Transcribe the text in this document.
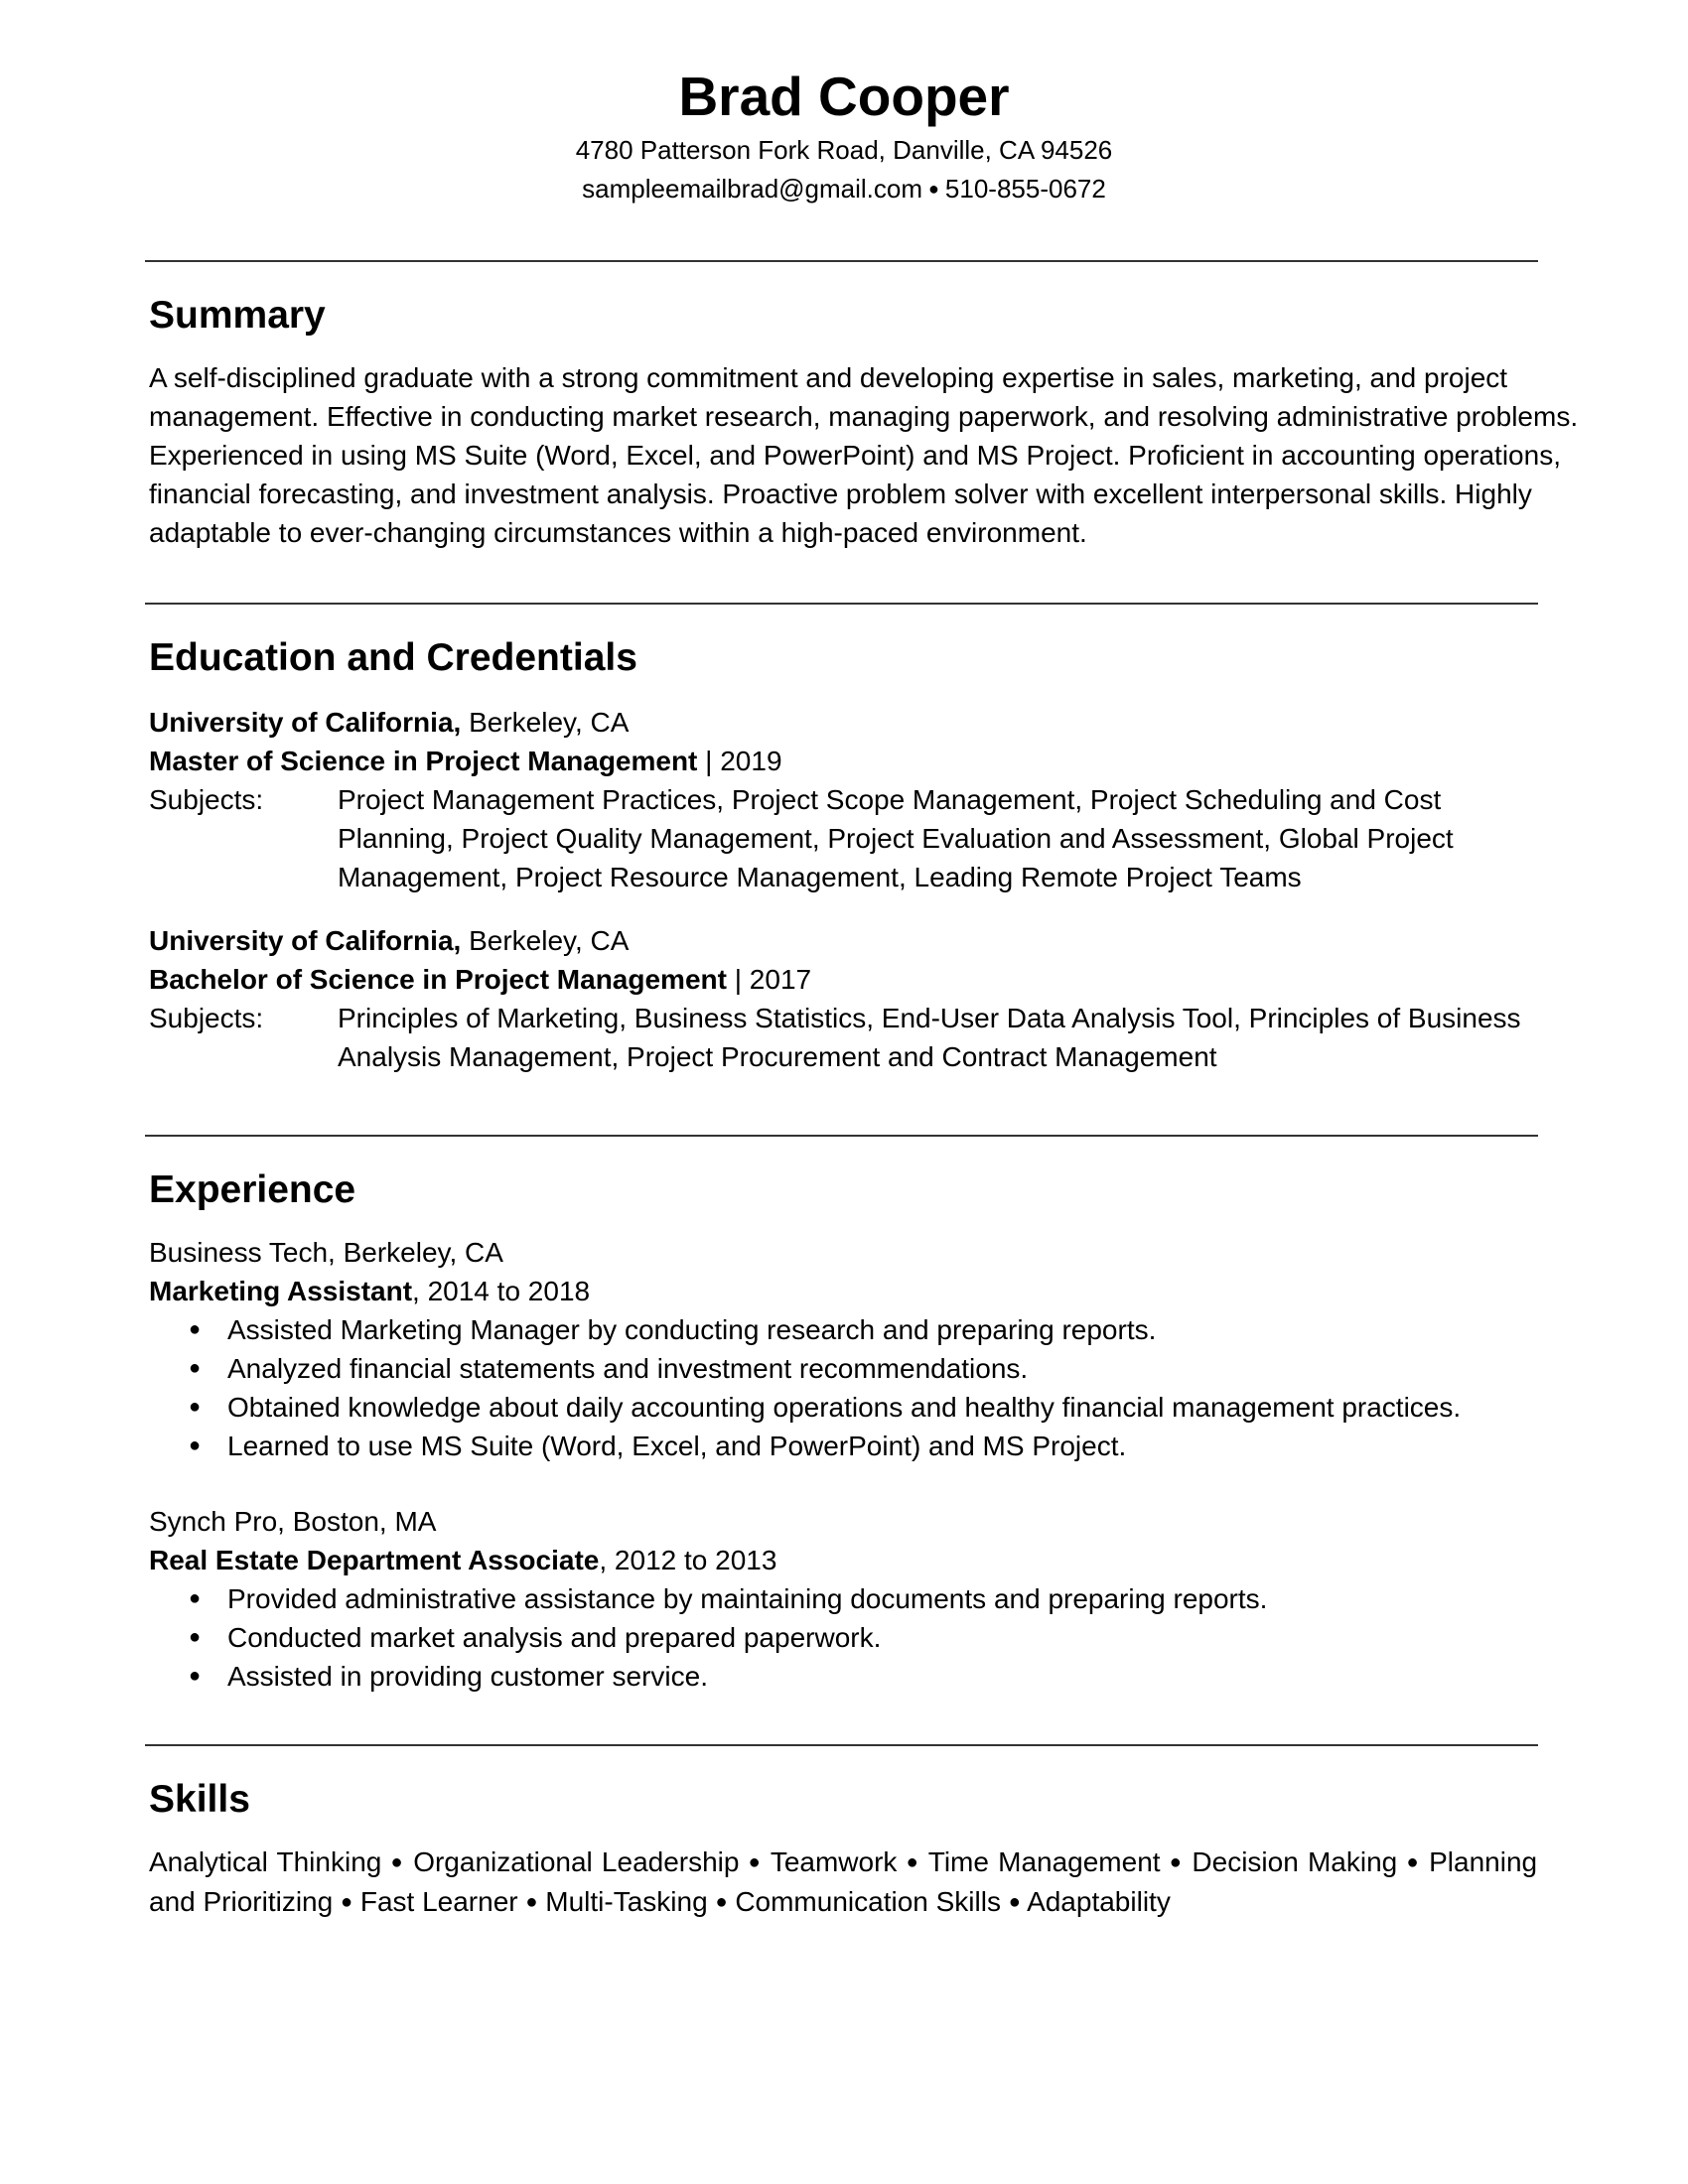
Brad Cooper
4780 Patterson Fork Road, Danville, CA 94526
sampleemailbrad@gmail.com ● 510-855-0672
Summary

A self-disciplined graduate with a strong commitment and developing expertise in sales, marketing, and project management. Effective in conducting market research, managing paperwork, and resolving administrative problems. Experienced in using MS Suite (Word, Excel, and PowerPoint) and MS Project. Proficient in accounting operations, financial forecasting, and investment analysis. Proactive problem solver with excellent interpersonal skills. Highly adaptable to ever-changing circumstances within a high-paced environment.

Education and Credentials
University of California, Berkeley, CA
Master of Science in Project Management | 2019
Subjects:	Project Management Practices, Project Scope Management, Project Scheduling and Cost Planning, Project Quality Management, Project Evaluation and Assessment, Global Project Management, Project Resource Management, Leading Remote Project Teams
University of California, Berkeley, CA
Bachelor of Science in Project Management | 2017
Subjects:	Principles of Marketing, Business Statistics, End-User Data Analysis Tool, Principles of Business Analysis Management, Project Procurement and Contract Management
Experience
Business Tech, Berkeley, CA
Marketing Assistant, 2014 to 2018
● Assisted Marketing Manager by conducting research and preparing reports.
● Analyzed financial statements and investment recommendations.
● Obtained knowledge about daily accounting operations and healthy financial management practices.
● Learned to use MS Suite (Word, Excel, and PowerPoint) and MS Project.
Synch Pro, Boston, MA
Real Estate Department Associate, 2012 to 2013
● Provided administrative assistance by maintaining documents and preparing reports.
● Conducted market analysis and prepared paperwork.
● Assisted in providing customer service.
Skills
Analytical Thinking ● Organizational Leadership ● Teamwork ● Time Management ● Decision Making ● Planning and Prioritizing ● Fast Learner ● Multi-Tasking ● Communication Skills ● Adaptability
